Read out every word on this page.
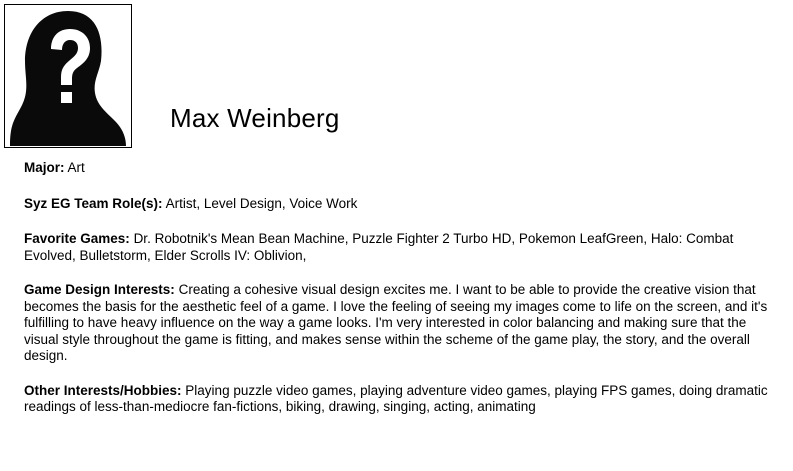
Max Weinberg
Major: Art
Syz EG Team Role(s): Artist, Level Design, Voice Work
Favorite Games: Dr. Robotnik's Mean Bean Machine, Puzzle Fighter 2 Turbo HD, Pokemon LeafGreen, Halo: Combat Evolved, Bulletstorm, Elder Scrolls IV: Oblivion,
Game Design Interests: Creating a cohesive visual design excites me. I want to be able to provide the creative vision that becomes the basis for the aesthetic feel of a game. I love the feeling of seeing my images come to life on the screen, and it's fulfilling to have heavy influence on the way a game looks. I'm very interested in color balancing and making sure that the visual style throughout the game is fitting, and makes sense within the scheme of the game play, the story, and the overall design.
Other Interests/Hobbies: Playing puzzle video games, playing adventure video games, playing FPS games, doing dramatic readings of less-than-mediocre fan-fictions, biking, drawing, singing, acting, animating
